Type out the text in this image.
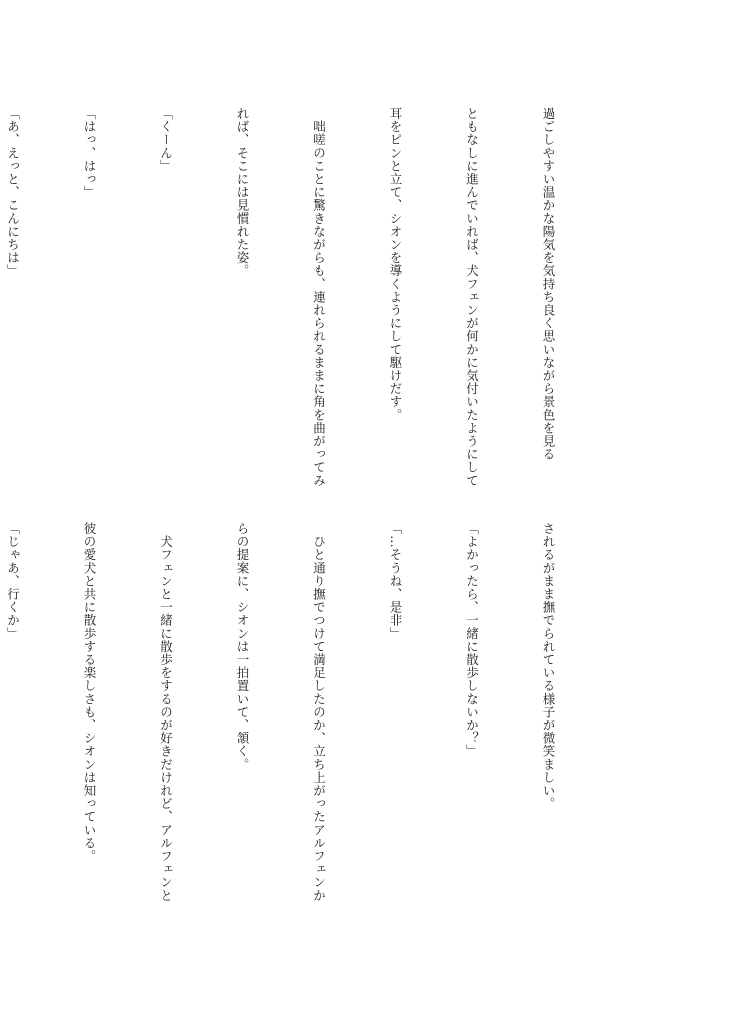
過ごしやすい温かな陽気を気持ち良く思いながら景色を見る

ともなしに進んでいれば、犬フェンが何かに気付いたようにして

耳をピンと立て、シオンを導くようにして駆けだす。

　咄嗟のことに驚きながらも、連れられるままに角を曲がってみ

れば、そこには見慣れた姿。

「くーん」

「はっ、はっ」

「あ、えっと、こんにちは」

されるがまま撫でられている様子が微笑ましい。

「よかったら、一緒に散歩しないか？」

「…そうね、是非」

　ひと通り撫でつけて満足したのか、立ち上がったアルフェンか

らの提案に、シオンは一拍置いて、頷く。

　犬フェンと一緒に散歩をするのが好きだけれど、アルフェンと

彼の愛犬と共に散歩する楽しさも、シオンは知っている。

「じゃあ、行くか」
